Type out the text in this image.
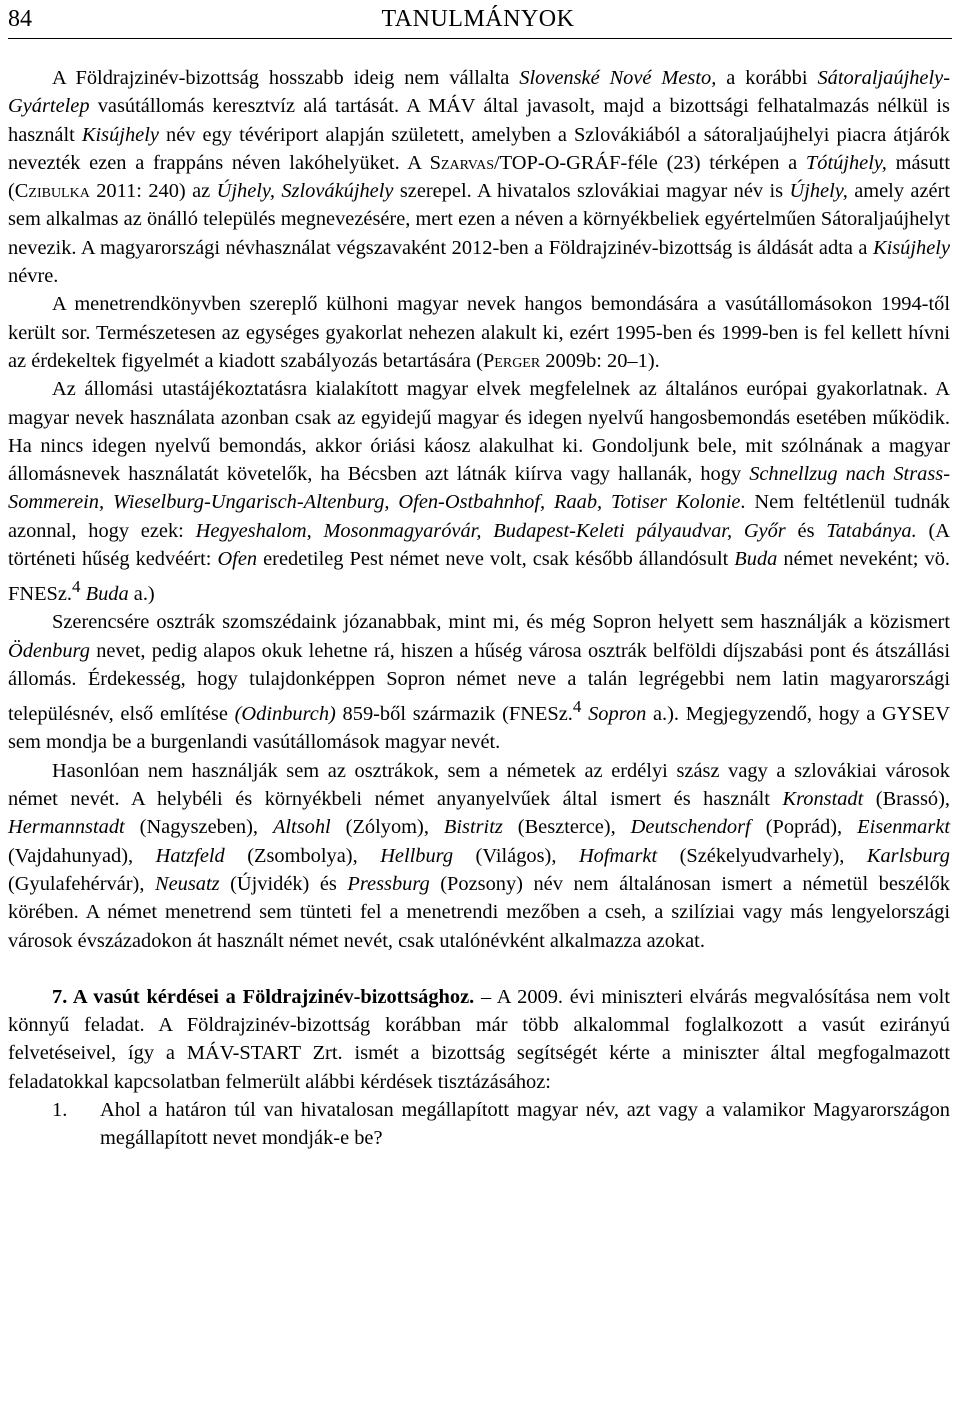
84	TANULMÁNYOK

A Földrajzinév-bizottság hosszabb ideig nem vállalta Slovenské Nové Mesto, a korábbi Sátoraljaújhely-Gyártelep vasútállomás keresztvíz alá tartását. A MÁV által javasolt, majd a bizottsági felhatalmazás nélkül is használt Kisújhely név egy tévériport alapján született, amelyben a Szlovákiából a sátoraljaújhelyi piacra átjárók nevezték ezen a frappáns néven lakóhelyüket. A Szarvas/TOP-O-GRÁF-féle (23) térképen a Tótújhely, másutt (Czibulka 2011: 240) az Újhely, Szlovákújhely szerepel. A hivatalos szlovákiai magyar név is Újhely, amely azért sem alkalmas az önálló település megnevezésére, mert ezen a néven a környékbeliek egyértelműen Sátoraljaújhelyt nevezik. A magyarországi névhasználat végszavaként 2012-ben a Földrajzinév-bizottság is áldását adta a Kisújhely névre.

A menetrendkönyvben szereplő külhoni magyar nevek hangos bemondására a vasútállomásokon 1994-től került sor. Természetesen az egységes gyakorlat nehezen alakult ki, ezért 1995-ben és 1999-ben is fel kellett hívni az érdekeltek figyelmét a kiadott szabályozás betartására (Perger 2009b: 20–1).

Az állomási utastájékoztatásra kialakított magyar elvek megfelelnek az általános európai gyakorlatnak. A magyar nevek használata azonban csak az egyidejű magyar és idegen nyelvű hangosbemondás esetében működik. Ha nincs idegen nyelvű bemondás, akkor óriási káosz alakulhat ki. Gondoljunk bele, mit szólnának a magyar állomásnevek használatát követelők, ha Bécsben azt látnák kiírva vagy hallanák, hogy Schnellzug nach Strass-Sommerein, Wieselburg-Ungarisch-Altenburg, Ofen-Ostbahnhof, Raab, Totiser Kolonie. Nem feltétlenül tudnák azonnal, hogy ezek: Hegyeshalom, Mosonmagyaróvár, Budapest-Keleti pályaudvar, Győr és Tatabánya. (A történeti hűség kedvéért: Ofen eredetileg Pest német neve volt, csak később állandósult Buda német neveként; vö. FNESz.$^4$ Buda a.)

Szerencsére osztrák szomszédaink józanabbak, mint mi, és még Sopron helyett sem használják a közismert Ödenburg nevet, pedig alapos okuk lehetne rá, hiszen a hűség városa osztrák belföldi díjszabási pont és átszállási állomás. Érdekesség, hogy tulajdonképpen Sopron német neve a talán legrégebbi nem latin magyarországi településnév, első említése (Odinburch) 859-ből származik (FNESz.$^4$ Sopron a.). Megjegyzendő, hogy a GYSEV sem mondja be a burgenlandi vasútállomások magyar nevét.

Hasonlóan nem használják sem az osztrákok, sem a németek az erdélyi szász vagy a szlovákiai városok német nevét. A helybéli és környékbeli német anyanyelvűek által ismert és használt Kronstadt (Brassó), Hermannstadt (Nagyszeben), Altsohl (Zólyom), Bistritz (Beszterce), Deutschendorf (Poprád), Eisenmarkt (Vajdahunyad), Hatzfeld (Zsombolya), Hellburg (Világos), Hofmarkt (Székelyudvarhely), Karlsburg (Gyulafehérvár), Neusatz (Újvidék) és Pressburg (Pozsony) név nem általánosan ismert a németül beszélők körében. A német menetrend sem tünteti fel a menetrendi mezőben a cseh, a szilíziai vagy más lengyelországi városok évszázadokon át használt német nevét, csak utalónévként alkalmazza azokat.

7. A vasút kérdései a Földrajzinév-bizottsághoz. – A 2009. évi miniszteri elvárás megvalósítása nem volt könnyű feladat. A Földrajzinév-bizottság korábban már több alkalommal foglalkozott a vasút ezirányú felvetéseivel, így a MÁV-START Zrt. ismét a bizottság segítségét kérte a miniszter által megfogalmazott feladatokkal kapcsolatban felmerült alábbi kérdések tisztázásához:

1. Ahol a határon túl van hivatalosan megállapított magyar név, azt vagy a valamikor Magyarországon megállapított nevet mondják-e be?
